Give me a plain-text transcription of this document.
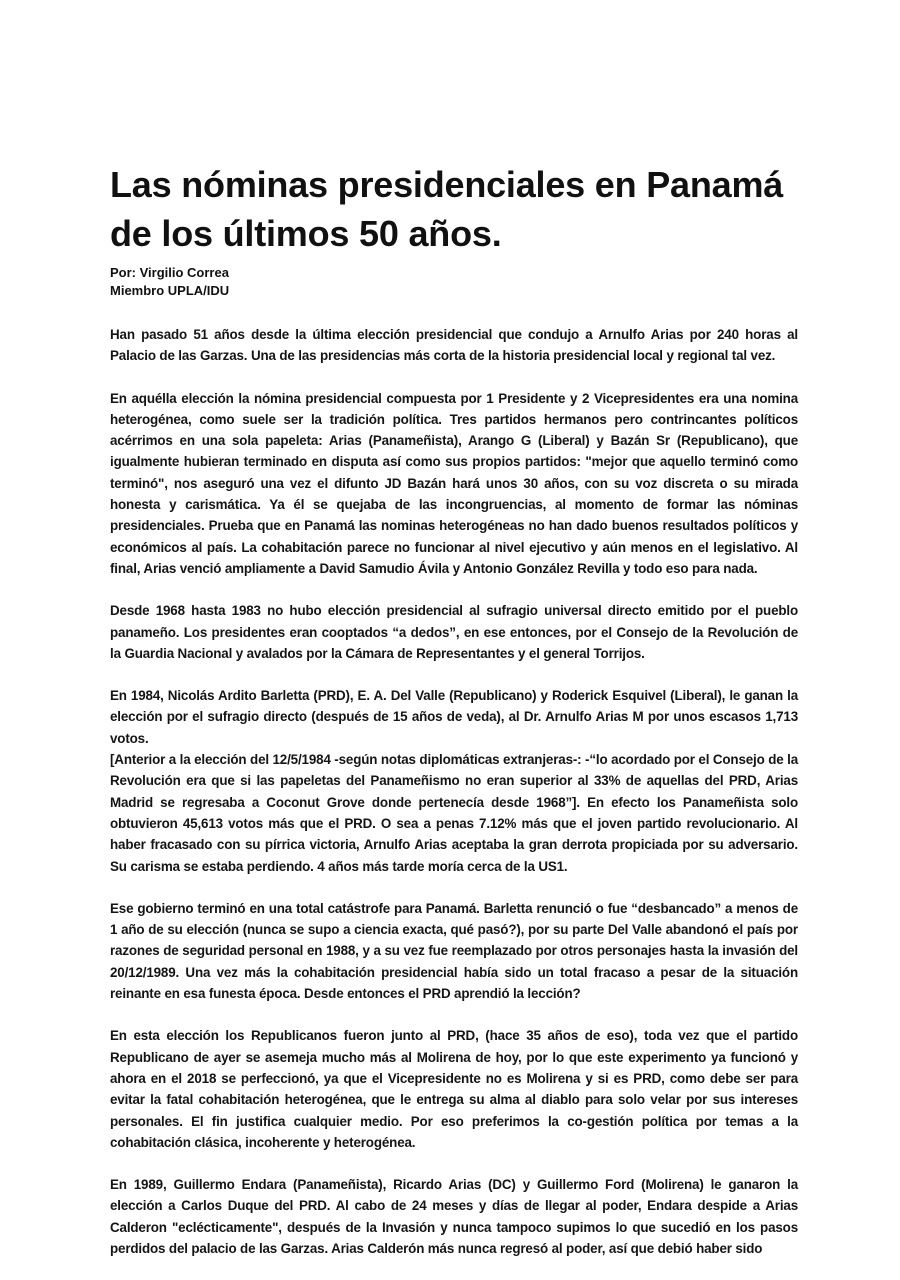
Las nóminas presidenciales en Panamá de los últimos 50 años.
Por: Virgilio Correa
Miembro UPLA/IDU

Han pasado 51 años desde la última elección presidencial que condujo a Arnulfo Arias por 240 horas al Palacio de las Garzas. Una de las presidencias más corta de la historia presidencial local y regional tal vez.

En aquélla elección la nómina presidencial compuesta por 1 Presidente y 2 Vicepresidentes era una nomina heterogénea, como suele ser la tradición política. Tres partidos hermanos pero contrincantes políticos acérrimos en una sola papeleta: Arias (Panameñista), Arango G (Liberal) y Bazán Sr (Republicano), que igualmente hubieran terminado en disputa así como sus propios partidos: "mejor que aquello terminó como terminó", nos aseguró una vez el difunto JD Bazán hará unos 30 años, con su voz discreta o su mirada honesta y carismática. Ya él se quejaba de las incongruencias, al momento de formar las nóminas presidenciales. Prueba que en Panamá las nominas heterogéneas no han dado buenos resultados políticos y económicos al país. La cohabitación parece no funcionar al nivel ejecutivo y aún menos en el legislativo. Al final, Arias venció ampliamente a David Samudio Ávila y Antonio González Revilla y todo eso para nada.

Desde 1968 hasta 1983 no hubo elección presidencial al sufragio universal directo emitido por el pueblo panameño. Los presidentes eran cooptados “a dedos”, en ese entonces, por el Consejo de la Revolución de la Guardia Nacional y avalados por la Cámara de Representantes y el general Torrijos.

En 1984, Nicolás Ardito Barletta (PRD), E. A. Del Valle (Republicano) y Roderick Esquivel (Liberal), le ganan la elección por el sufragio directo (después de 15 años de veda), al Dr. Arnulfo Arias M por unos escasos 1,713 votos.

[Anterior a la elección del 12/5/1984 -según notas diplomáticas extranjeras-: -“lo acordado por el Consejo de la Revolución era que si las papeletas del Panameñismo no eran superior al 33% de aquellas del PRD, Arias Madrid se regresaba a Coconut Grove donde pertenecía desde 1968”]. En efecto los Panameñista solo obtuvieron 45,613 votos más que el PRD. O sea a penas 7.12% más que el joven partido revolucionario. Al haber fracasado con su pírrica victoria, Arnulfo Arias aceptaba la gran derrota propiciada por su adversario. Su carisma se estaba perdiendo. 4 años más tarde moría cerca de la US1.

Ese gobierno terminó en una total catástrofe para Panamá. Barletta renunció o fue “desbancado” a menos de 1 año de su elección (nunca se supo a ciencia exacta, qué pasó?), por su parte Del Valle abandonó el país por razones de seguridad personal en 1988, y a su vez fue reemplazado por otros personajes hasta la invasión del 20/12/1989. Una vez más la cohabitación presidencial había sido un total fracaso a pesar de la situación reinante en esa funesta época. Desde entonces el PRD aprendió la lección?

En esta elección los Republicanos fueron junto al PRD, (hace 35 años de eso), toda vez que el partido Republicano de ayer se asemeja mucho más al Molirena de hoy, por lo que este experimento ya funcionó y ahora en el 2018 se perfeccionó, ya que el Vicepresidente no es Molirena y si es PRD, como debe ser para evitar la fatal cohabitación heterogénea, que le entrega su alma al diablo para solo velar por sus intereses personales. El fin justifica cualquier medio. Por eso preferimos la co-gestión política por temas a la cohabitación clásica, incoherente y heterogénea.

En 1989, Guillermo Endara (Panameñista), Ricardo Arias (DC) y Guillermo Ford (Molirena) le ganaron la elección a Carlos Duque del PRD. Al cabo de 24 meses y días de llegar al poder, Endara despide a Arias Calderon "eclécticamente", después de la Invasión y nunca tampoco supimos lo que sucedió en los pasos perdidos del palacio de las Garzas. Arias Calderón más nunca regresó al poder, así que debió haber sido
